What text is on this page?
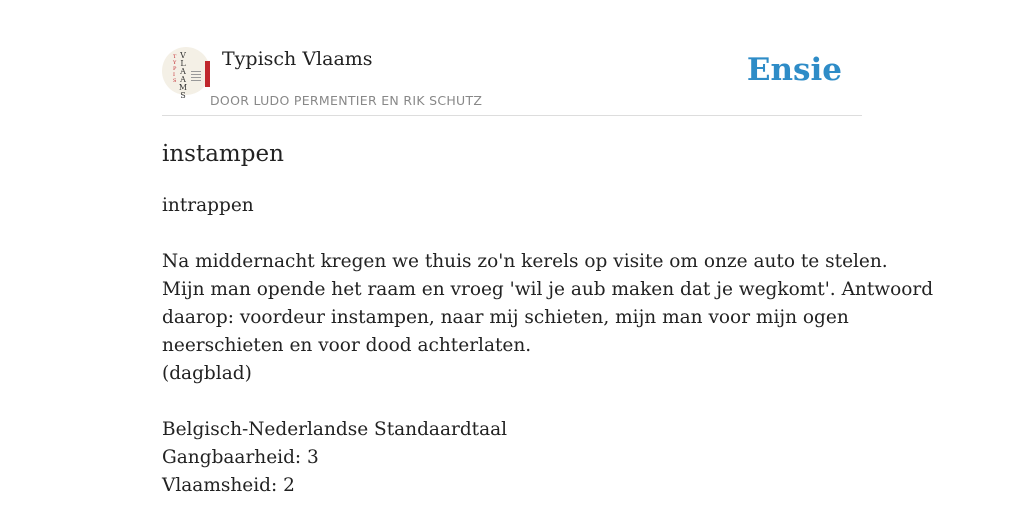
T
Y
P
I
S
V
L
A
A
M
S
Typisch Vlaams
DOOR LUDO PERMENTIER EN RIK SCHUTZ
Ensie
instampen
intrappen
Na middernacht kregen we thuis zo'n kerels op visite om onze auto te stelen.
Mijn man opende het raam en vroeg 'wil je aub maken dat je wegkomt'. Antwoord
daarop: voordeur instampen, naar mij schieten, mijn man voor mijn ogen
neerschieten en voor dood achterlaten.
(dagblad)
Belgisch-Nederlandse Standaardtaal
Gangbaarheid: 3
Vlaamsheid: 2
